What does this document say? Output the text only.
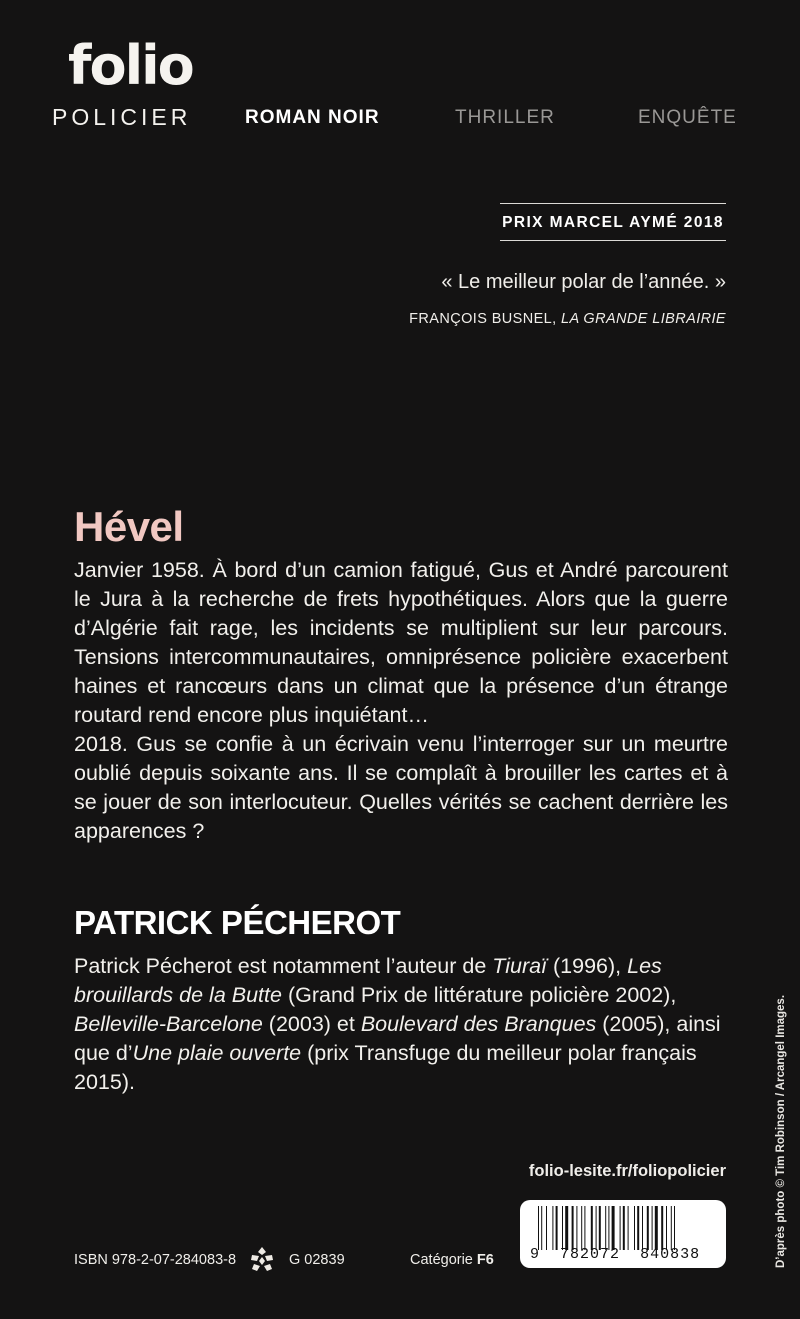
folio
POLICIER	ROMAN NOIR	THRILLER	ENQUÊTE
PRIX MARCEL AYMÉ 2018
« Le meilleur polar de l’année. »
FRANÇOIS BUSNEL, LA GRANDE LIBRAIRIE
Hével

Janvier 1958. À bord d’un camion fatigué, Gus et André parcourent le Jura à la recherche de frets hypothétiques. Alors que la guerre d’Algérie fait rage, les incidents se multiplient sur leur parcours. Tensions intercommunautaires, omniprésence policière exacerbent haines et rancœurs dans un climat que la présence d’un étrange routard rend encore plus inquiétant…

2018. Gus se confie à un écrivain venu l’interroger sur un meurtre oublié depuis soixante ans. Il se complaît à brouiller les cartes et à se jouer de son interlocuteur. Quelles vérités se cachent derrière les apparences ?

PATRICK PÉCHEROT
Patrick Pécherot est notamment l’auteur de Tiuraï (1996), Les brouillards de la Butte (Grand Prix de littérature policière 2002), Belleville-Barcelone (2003) et Boulevard des Branques (2005), ainsi que d’Une plaie ouverte (prix Transfuge du meilleur polar français 2015).	D’après photo © Tim Robinson / Arcangel Images.
folio-lesite.fr/foliopolicier
ISBN 978-2-07-284083-8	G 02839	Catégorie F6 9 782072 840838
